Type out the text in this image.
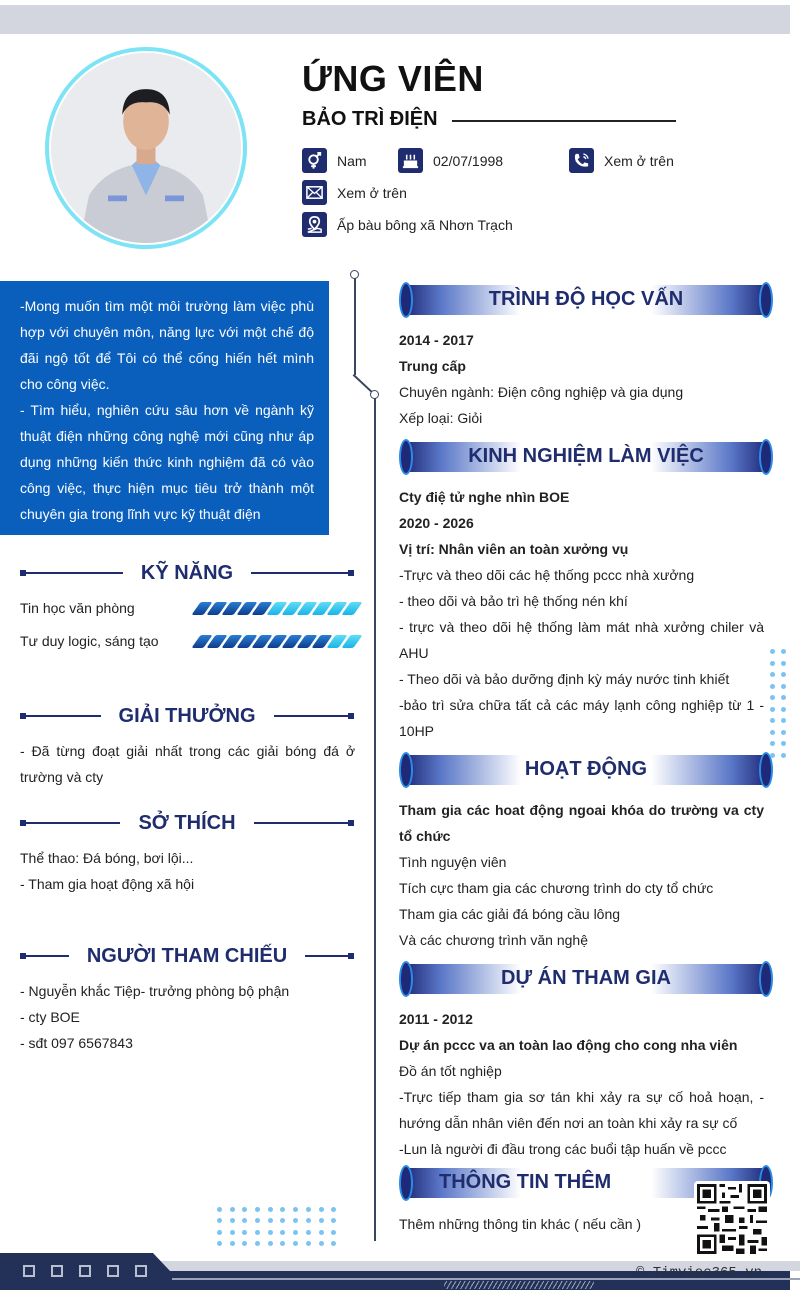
ỨNG VIÊN
BẢO TRÌ ĐIỆN
Nam	02/07/1998	Xem ở trên
Xem ở trên
Ấp bàu bông xã Nhơn Trạch

-Mong muốn tìm một môi trường làm việc phù hợp với chuyên môn, năng lực với một chế độ đãi ngộ tốt để Tôi có thể cống hiến hết mình cho công việc.

- Tìm hiểu, nghiên cứu sâu hơn về ngành kỹ thuật điện những công nghệ mới cũng như áp dụng những kiến thức kinh nghiệm đã có vào công việc, thực hiện mục tiêu trở thành một chuyên gia trong lĩnh vực kỹ thuật điện

KỸ NĂNG
Tin học văn phòng
Tư duy logic, sáng tạo
GIẢI THƯỞNG
- Đã từng đoạt giải nhất trong các giải bóng đá ở trường và cty
SỞ THÍCH
Thể thao: Đá bóng, bơi lội...
- Tham gia hoạt động xã hội
NGƯỜI THAM CHIẾU
- Nguyễn khắc Tiệp- trưởng phòng bộ phận
- cty BOE
- sđt 097 6567843
TRÌNH ĐỘ HỌC VẤN
2014 - 2017
Trung cấp
Chuyên ngành: Điện công nghiệp và gia dụng
Xếp loại: Giỏi
KINH NGHIỆM LÀM VIỆC
Cty điệ tử nghe nhìn BOE
2020 - 2026
Vị trí: Nhân viên an toàn xưởng vụ
-Trực và theo dõi các hệ thống pccc nhà xưởng
- theo dõi và bảo trì hệ thống nén khí
- trực và theo dõi hệ thống làm mát nhà xưởng chiler và AHU
- Theo dõi và bảo dưỡng định kỳ máy nước tinh khiết
-bảo trì sửa chữa tất cả các máy lạnh công nghiệp từ 1 - 10HP
HOẠT ĐỘNG
Tham gia các hoat động ngoai khóa do trường va cty tổ chức
Tình nguyện viên
Tích cực tham gia các chương trình do cty tổ chức
Tham gia các giải đá bóng cầu lông
Và các chương trình văn nghệ
DỰ ÁN THAM GIA
2011 - 2012
Dự án pccc va an toàn lao động cho cong nha viên
Đồ án tốt nghiệp
-Trực tiếp tham gia sơ tán khi xảy ra sự cố hoả hoạn, - hướng dẫn nhân viên đến nơi an toàn khi xảy ra sự cố
-Lun là người đi đầu trong các buổi tập huấn về pccc
THÔNG TIN THÊM
Thêm những thông tin khác ( nếu cần )
© Timviec365.vn
